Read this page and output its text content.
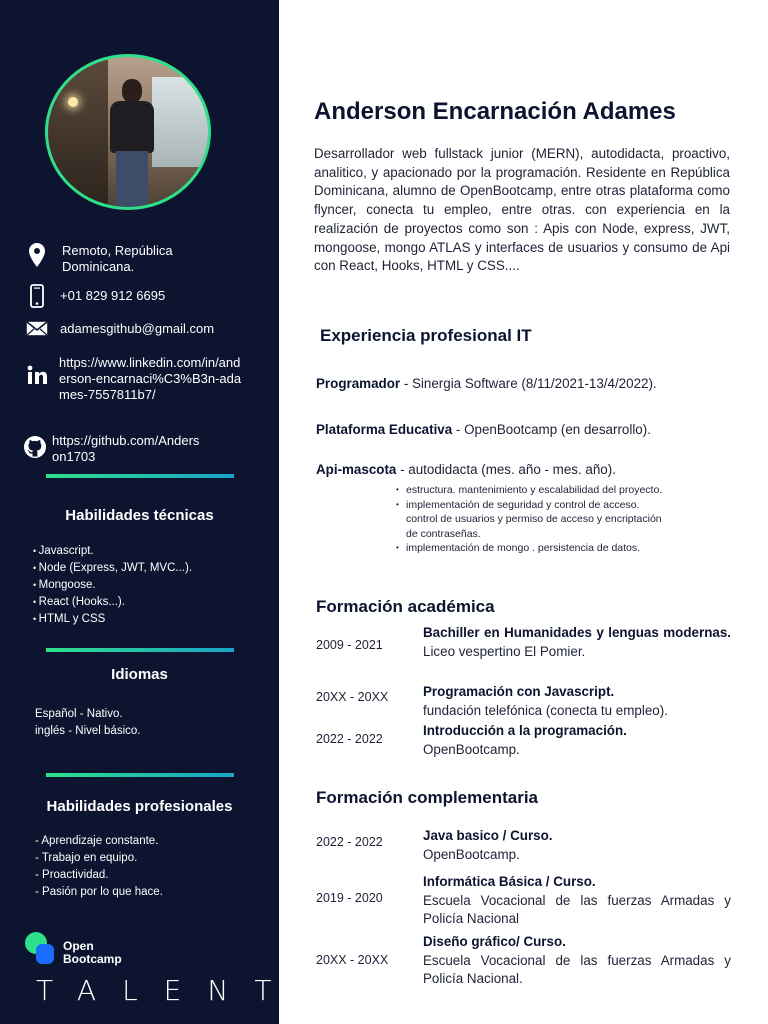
Remoto, República Dominicana.
+01 829 912 6695
adamesgithub@gmail.com
https://www.linkedin.com/in/anderson-encarnaci%C3%B3n-adames-7557811b7/
https://github.com/Anderson1703
Habilidades técnicas
• Javascript.
• Node (Express, JWT, MVC...).
• Mongoose.
• React (Hooks...).
• HTML y CSS
Idiomas
Español - Nativo.
inglés - Nivel básico.
Habilidades profesionales
- Aprendizaje constante.
- Trabajo en equipo.
- Proactividad.
- Pasión por lo que hace.
Open
Bootcamp
TALENT
Anderson Encarnación Adames
Desarrollador web fullstack junior (MERN), autodidacta, proactivo, analitico, y apacionado por la programación. Residente en República Dominicana, alumno de OpenBootcamp, entre otras plataforma como flyncer, conecta tu empleo, entre otras. con experiencia en la realización de proyectos como son : Apis con Node, express, JWT, mongoose, mongo ATLAS y interfaces de usuarios y consumo de Api con React, Hooks, HTML y CSS....
Experiencia profesional IT
Programador - Sinergia Software (8/11/2021-13/4/2022).
Plataforma Educativa - OpenBootcamp (en desarrollo).
Api-mascota - autodidacta (mes. año - mes. año).
• estructura. mantenimiento y escalabilidad del proyecto.
• implementación de seguridad y control de acceso.
control de usuarios y permiso de acceso y encriptación
de contraseñas.
• implementación de mongo . persistencia de datos.
Formación académica
2009 - 2021
Bachiller en Humanidades y lenguas modernas.
Liceo vespertino El Pomier.
20XX - 20XX	Programación con Javascript.
fundación telefónica (conecta tu empleo).
2022 - 2022
Introducción a la programación.
OpenBootcamp.
Formación complementaria
2022 - 2022	Java basico / Curso.
OpenBootcamp.
2019 - 2020
Informática Básica / Curso.
Escuela Vocacional de las fuerzas Armadas y Policía Nacional
20XX - 20XX
Diseño gráfico/ Curso.
Escuela Vocacional de las fuerzas Armadas y Policía Nacional.
